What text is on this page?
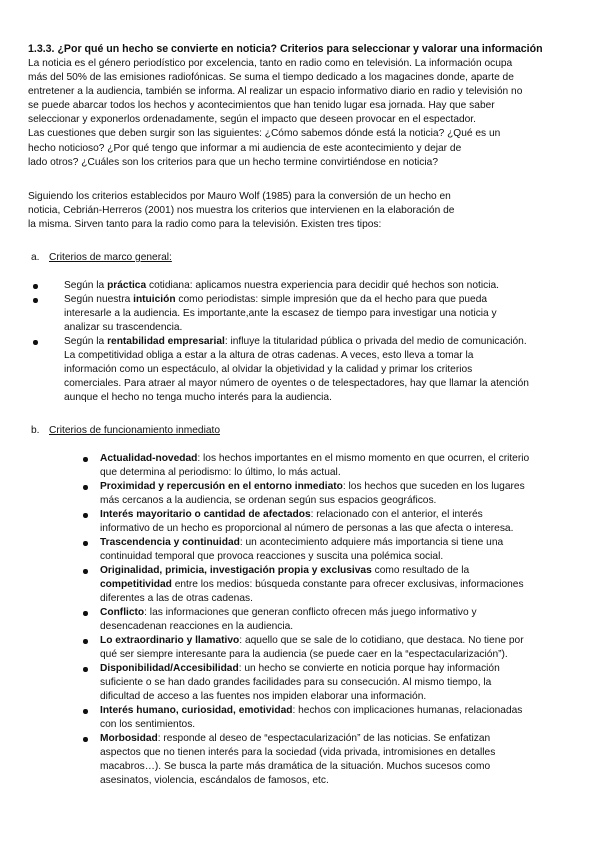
1.3.3. ¿Por qué un hecho se convierte en noticia? Criterios para seleccionar y valorar una información
La noticia es el género periodístico por excelencia, tanto en radio como en televisión. La información ocupa
más del 50% de las emisiones radiofónicas. Se suma el tiempo dedicado a los magacines donde, aparte de
entretener a la audiencia, también se informa. Al realizar un espacio informativo diario en radio y televisión no
se puede abarcar todos los hechos y acontecimientos que han tenido lugar esa jornada. Hay que saber
seleccionar y exponerlos ordenadamente, según el impacto que deseen provocar en el espectador.
Las cuestiones que deben surgir son las siguientes: ¿Cómo sabemos dónde está la noticia? ¿Qué es un
hecho noticioso? ¿Por qué tengo que informar a mi audiencia de este acontecimiento y dejar de
lado otros? ¿Cuáles son los criterios para que un hecho termine convirtiéndose en noticia?
Siguiendo los criterios establecidos por Mauro Wolf (1985) para la conversión de un hecho en
noticia, Cebrián-Herreros (2001) nos muestra los criterios que intervienen en la elaboración de
la misma. Sirven tanto para la radio como para la televisión. Existen tres tipos:
a. Criterios de marco general:
Según la práctica cotidiana: aplicamos nuestra experiencia para decidir qué hechos son noticia.
Según nuestra intuición como periodistas: simple impresión que da el hecho para que pueda
interesarle a la audiencia. Es importante,ante la escasez de tiempo para investigar una noticia y
analizar su trascendencia.
Según la rentabilidad empresarial: influye la titularidad pública o privada del medio de comunicación.
La competitividad obliga a estar a la altura de otras cadenas. A veces, esto lleva a tomar la
información como un espectáculo, al olvidar la objetividad y la calidad y primar los criterios
comerciales. Para atraer al mayor número de oyentes o de telespectadores, hay que llamar la atención
aunque el hecho no tenga mucho interés para la audiencia.
b. Criterios de funcionamiento inmediato
Actualidad-novedad: los hechos importantes en el mismo momento en que ocurren, el criterio
que determina al periodismo: lo último, lo más actual.
Proximidad y repercusión en el entorno inmediato: los hechos que suceden en los lugares
más cercanos a la audiencia, se ordenan según sus espacios geográficos.
Interés mayoritario o cantidad de afectados: relacionado con el anterior, el interés
informativo de un hecho es proporcional al número de personas a las que afecta o interesa.
Trascendencia y continuidad: un acontecimiento adquiere más importancia si tiene una
continuidad temporal que provoca reacciones y suscita una polémica social.
Originalidad, primicia, investigación propia y exclusivas como resultado de la
competitividad entre los medios: búsqueda constante para ofrecer exclusivas, informaciones
diferentes a las de otras cadenas.
Conflicto: las informaciones que generan conflicto ofrecen más juego informativo y
desencadenan reacciones en la audiencia.
Lo extraordinario y llamativo: aquello que se sale de lo cotidiano, que destaca. No tiene por
qué ser siempre interesante para la audiencia (se puede caer en la “espectacularización”).
Disponibilidad/Accesibilidad: un hecho se convierte en noticia porque hay información
suficiente o se han dado grandes facilidades para su consecución. Al mismo tiempo, la
dificultad de acceso a las fuentes nos impiden elaborar una información.
Interés humano, curiosidad, emotividad: hechos con implicaciones humanas, relacionadas
con los sentimientos.
Morbosidad: responde al deseo de “espectacularización” de las noticias. Se enfatizan
aspectos que no tienen interés para la sociedad (vida privada, intromisiones en detalles
macabros…). Se busca la parte más dramática de la situación. Muchos sucesos como
asesinatos, violencia, escándalos de famosos, etc.
